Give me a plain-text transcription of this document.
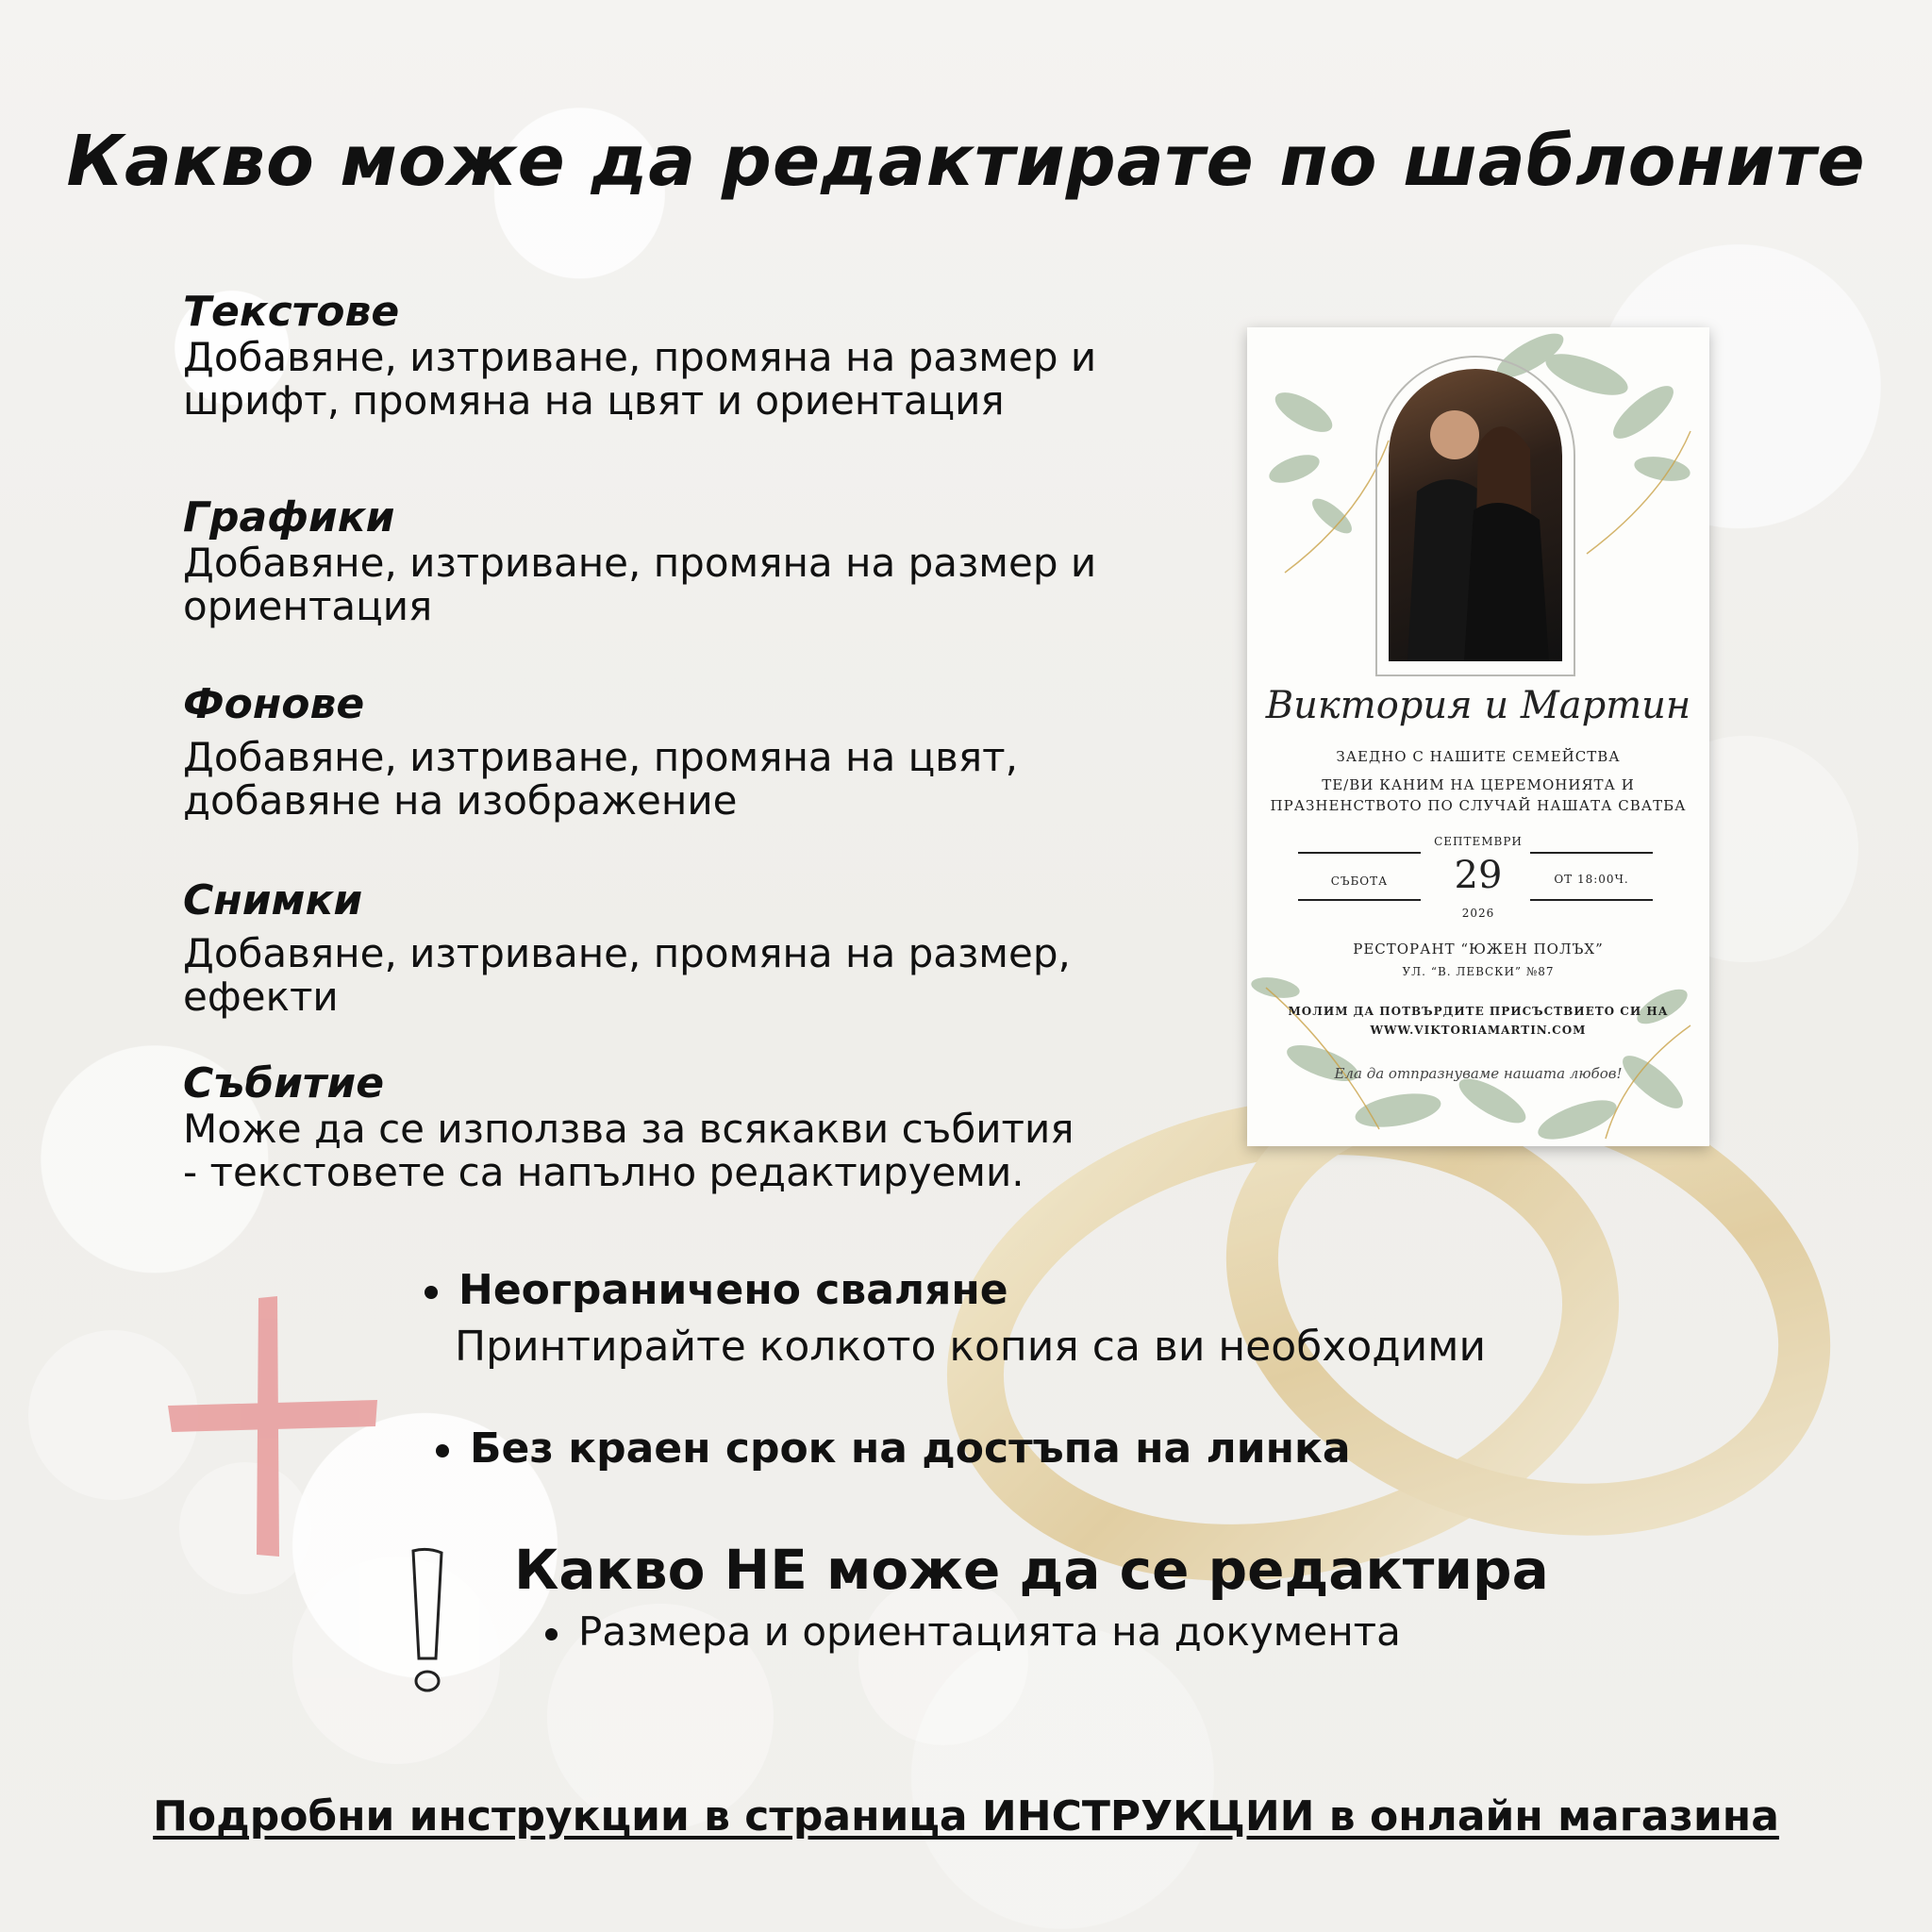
Какво може да редактирате по шаблоните
Текстове
Добавяне, изтриване, промяна на размер и
шрифт, промяна на цвят и ориентация
Графики
Добавяне, изтриване, промяна на размер и
ориентация
Фонове
Добавяне, изтриване, промяна на цвят,
добавяне на изображение
Снимки
Добавяне, изтриване, промяна на размер,
ефекти
Събитие
Може да се използва за всякакви събития
- текстовете са напълно редактируеми.
Виктория и Мартин
ЗАЕДНО С НАШИТЕ СЕМЕЙСТВА
ТЕ/ВИ КАНИМ НА ЦЕРЕМОНИЯТА И
ПРАЗНЕНСТВОТО ПО СЛУЧАЙ НАШАТА СВАТБА
СЕПТЕМВРИ
СЪБОТА	29	ОТ 18:00Ч.
2026
РЕСТОРАНТ “ЮЖЕН ПОЛЪХ”
УЛ. “В. ЛЕВСКИ” №87
МОЛИМ ДА ПОТВЪРДИТЕ ПРИСЪСТВИЕТО СИ НА
WWW.VIKTORIAMARTIN.COM
Ела да отпразнуваме нашата любов!
Неограничено сваляне
Принтирайте колкото копия са ви необходими
Без краен срок на достъпа на линка
Какво НЕ може да се редактира
Размера и ориентацията на документа
Подробни инструкции в страница ИНСТРУКЦИИ в онлайн магазина
